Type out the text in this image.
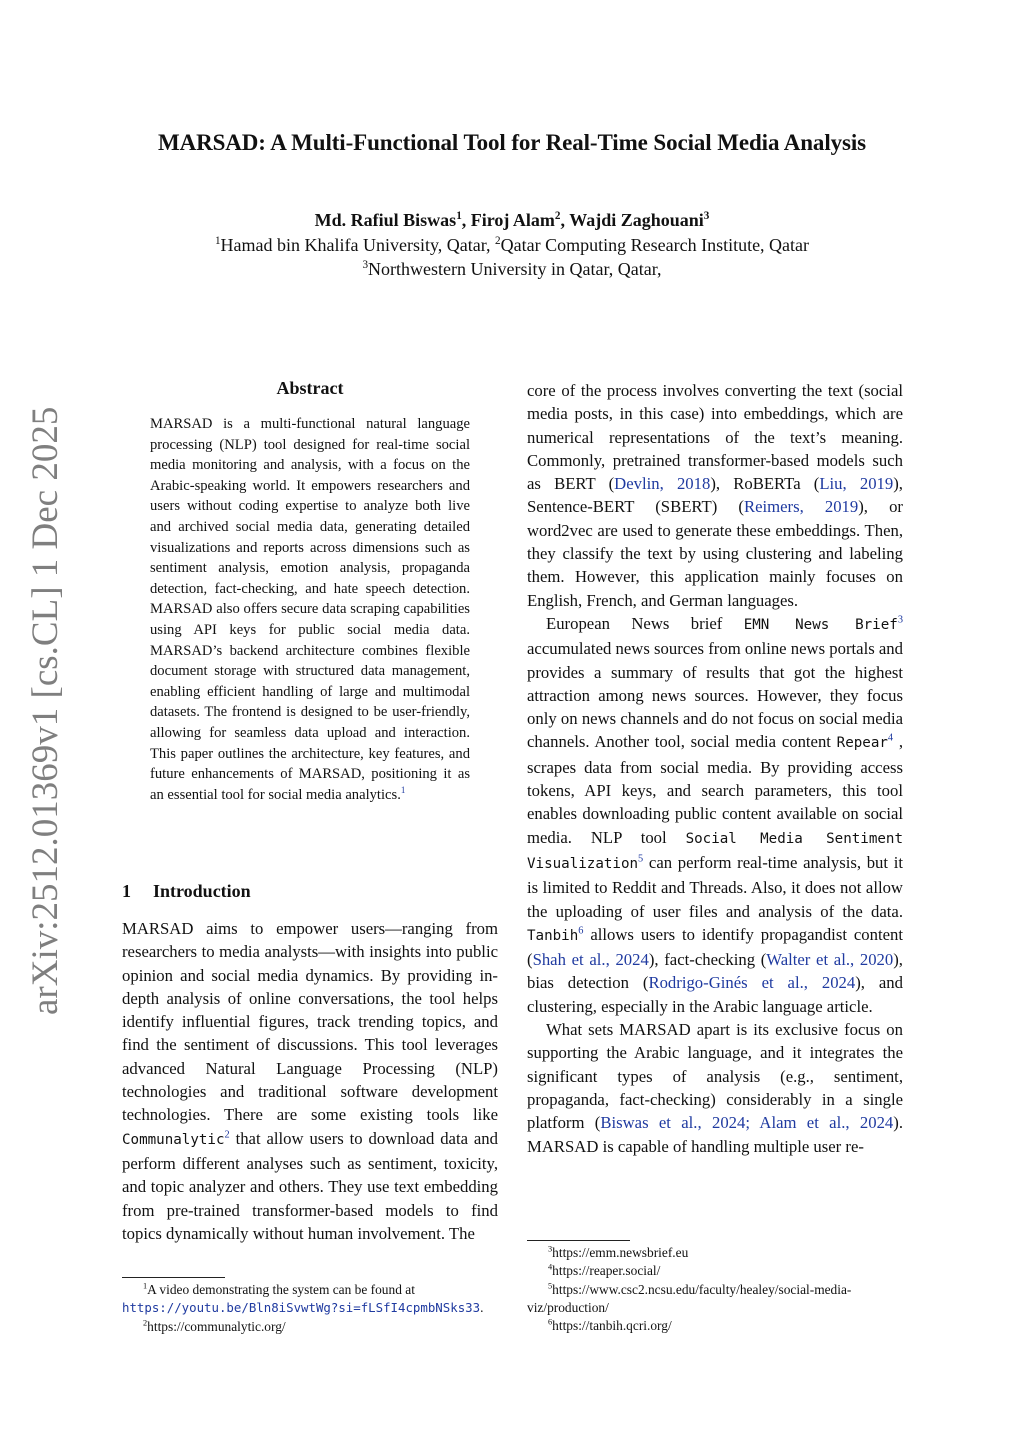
arXiv:2512.01369v1 [cs.CL] 1 Dec 2025
MARSAD: A Multi-Functional Tool for Real-Time Social Media Analysis
Md. Rafiul Biswas$^1$, Firoj Alam$^2$, Wajdi Zaghouani$^3$
$^1$Hamad bin Khalifa University, Qatar, $^2$Qatar Computing Research Institute, Qatar
$^3$Northwestern University in Qatar, Qatar,
Abstract
MARSAD is a multi-functional natural language processing (NLP) tool designed for real-time social media monitoring and analysis, with a focus on the Arabic-speaking world. It empowers researchers and users without coding expertise to analyze both live and archived social media data, generating detailed visualizations and reports across dimensions such as sentiment analysis, emotion analysis, propaganda detection, fact-checking, and hate speech detection. MARSAD also offers secure data scraping capabilities using API keys for public social media data. MARSAD’s backend architecture combines flexible document storage with structured data management, enabling efficient handling of large and multimodal datasets. The frontend is designed to be user-friendly, allowing for seamless data upload and interaction. This paper outlines the architecture, key features, and future enhancements of MARSAD, positioning it as an essential tool for social media analytics.$^1$
1 Introduction

MARSAD aims to empower users—ranging from researchers to media analysts—with insights into public opinion and social media dynamics. By providing in-depth analysis of online conversations, the tool helps identify influential figures, track trending topics, and find the sentiment of discussions. This tool leverages advanced Natural Language Processing (NLP) technologies and traditional software development technologies. There are some existing tools like Communalytic$^2$ that allow users to download data and perform different analyses such as sentiment, toxicity, and topic analyzer and others. They use text embedding from pre-trained transformer-based models to find topics dynamically without human involvement. The

core of the process involves converting the text (social media posts, in this case) into embeddings, which are numerical representations of the text’s meaning. Commonly, pretrained transformer-based models such as BERT (Devlin, 2018), RoBERTa (Liu, 2019), Sentence-BERT (SBERT) (Reimers, 2019), or word2vec are used to generate these embeddings. Then, they classify the text by using clustering and labeling them. However, this application mainly focuses on English, French, and German languages.

European News brief EMN News Brief$^3$ accumulated news sources from online news portals and provides a summary of results that got the highest attraction among news sources. However, they focus only on news channels and do not focus on social media channels. Another tool, social media content Repear$^4$ , scrapes data from social media. By providing access tokens, API keys, and search parameters, this tool enables downloading public content available on social media. NLP tool Social Media Sentiment Visualization$^5$ can perform real-time analysis, but it is limited to Reddit and Threads. Also, it does not allow the uploading of user files and analysis of the data. Tanbih$^6$ allows users to identify propagandist content (Shah et al., 2024), fact-checking (Walter et al., 2020), bias detection (Rodrigo-Ginés et al., 2024), and clustering, especially in the Arabic language article.

What sets MARSAD apart is its exclusive focus on supporting the Arabic language, and it integrates the significant types of analysis (e.g., sentiment, propaganda, fact-checking) considerably in a single platform (Biswas et al., 2024; Alam et al., 2024). MARSAD is capable of handling multiple user re-

$^1$A video demonstrating the system can be found at https://youtu.be/Bln8iSvwtWg?si=fLSfI4cpmbNSks33.

$^2$https://communalytic.org/

$^3$https://emm.newsbrief.eu

$^4$https://reaper.social/

$^5$https://www.csc2.ncsu.edu/faculty/healey/social-media-viz/production/

$^6$https://tanbih.qcri.org/
